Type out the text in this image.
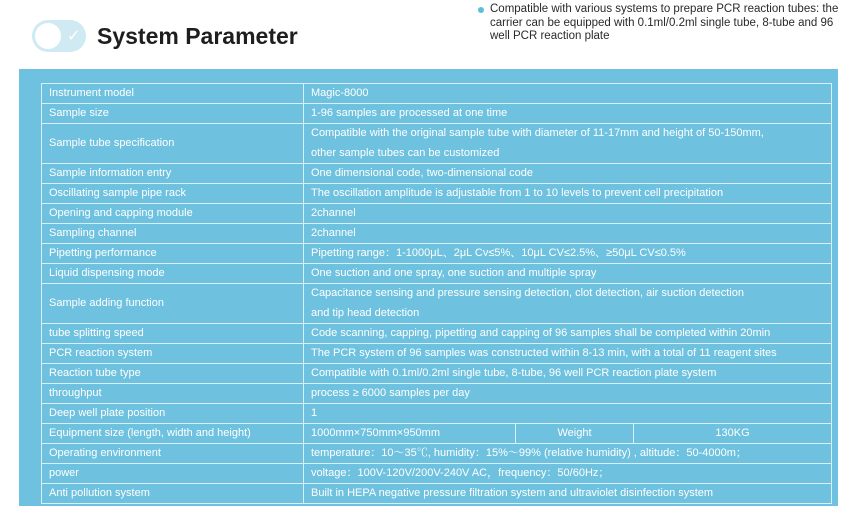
✓ System Parameter
Compatible with various systems to prepare PCR reaction tubes: the carrier can be equipped with 0.1ml/0.2ml single tube, 8-tube and 96 well PCR reaction plate
Instrument model	Magic-8000		
Sample size	1-96 samples are processed at one time		
Sample tube specification	Compatible with the original sample tube with diameter of 11-17mm and height of 50-150mm,
other sample tubes can be customized		

Sample information entry	One dimensional code, two-dimensional code		
Oscillating sample pipe rack	The oscillation amplitude is adjustable from 1 to 10 levels to prevent cell precipitation		
Opening and capping module	2channel		
Sampling channel	2channel		
Pipetting performance	Pipetting range：1-1000μL、2μL Cv≤5%、10μL CV≤2.5%、≥50μL CV≤0.5%		
Liquid dispensing mode	One suction and one spray, one suction and multiple spray		
Sample adding function	Capacitance sensing and pressure sensing detection, clot detection, air suction detection
and tip head detection		

tube splitting speed	Code scanning, capping, pipetting and capping of 96 samples shall be completed within 20min		
PCR reaction system	The PCR system of 96 samples was constructed within 8-13 min, with a total of 11 reagent sites		
Reaction tube type	Compatible with 0.1ml/0.2ml single tube, 8-tube, 96 well PCR reaction plate system		
throughput	process ≥ 6000 samples per day		
Deep well plate position	1		
Equipment size (length, width and height)	1000mm×750mm×950mm	Weight	130KG
Operating environment	temperature：10～35℃, humidity：15%～99% (relative humidity) , altitude：50-4000m；		
power	voltage：100V-120V/200V-240V AC，frequency：50/60Hz；		
Anti pollution system	Built in HEPA negative pressure filtration system and ultraviolet disinfection system		
